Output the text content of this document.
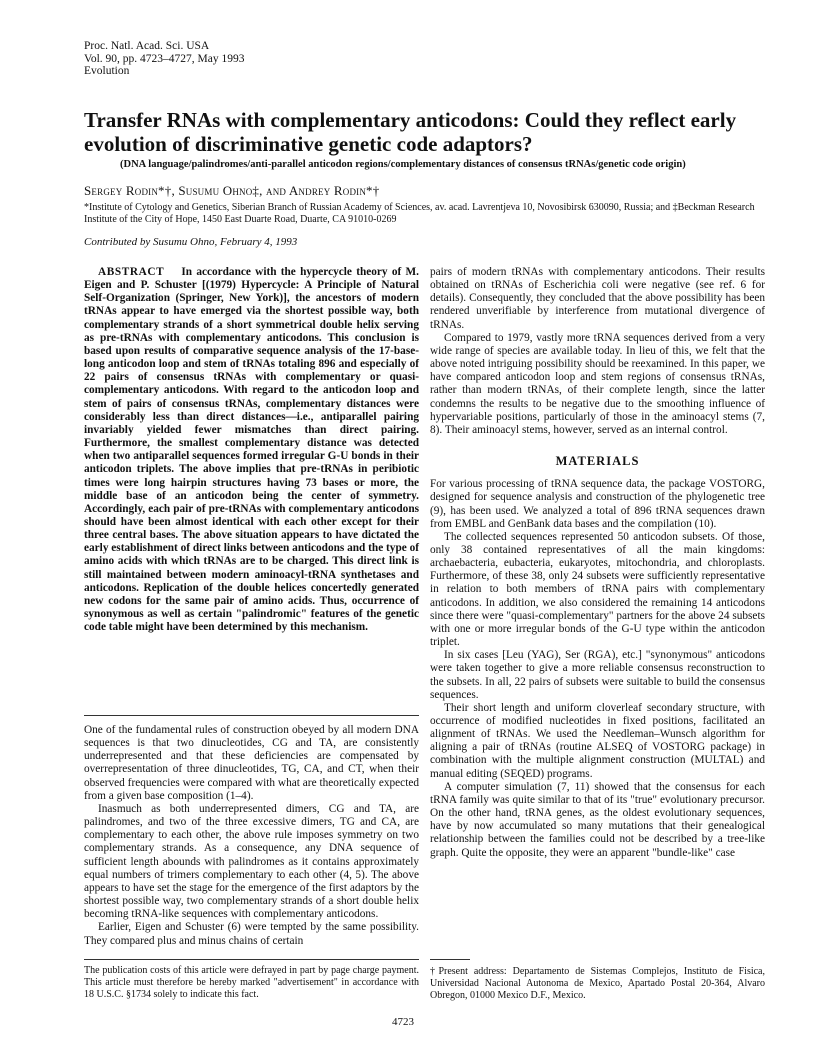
Proc. Natl. Acad. Sci. USA
Vol. 90, pp. 4723–4727, May 1993
Evolution
Transfer RNAs with complementary anticodons: Could they reflect early evolution of discriminative genetic code adaptors?
(DNA language/palindromes/anti-parallel anticodon regions/complementary distances of consensus tRNAs/genetic code origin)
Sergey Rodin*†, Susumu Ohno‡, and Andrey Rodin*†
*Institute of Cytology and Genetics, Siberian Branch of Russian Academy of Sciences, av. acad. Lavrentjeva 10, Novosibirsk 630090, Russia; and ‡Beckman Research Institute of the City of Hope, 1450 East Duarte Road, Duarte, CA 91010-0269
Contributed by Susumu Ohno, February 4, 1993

ABSTRACT In accordance with the hypercycle theory of M. Eigen and P. Schuster [(1979) Hypercycle: A Principle of Natural Self-Organization (Springer, New York)], the ancestors of modern tRNAs appear to have emerged via the shortest possible way, both complementary strands of a short symmetrical double helix serving as pre-tRNAs with complementary anticodons. This conclusion is based upon results of comparative sequence analysis of the 17-base-long anticodon loop and stem of tRNAs totaling 896 and especially of 22 pairs of consensus tRNAs with complementary or quasi-complementary anticodons. With regard to the anticodon loop and stem of pairs of consensus tRNAs, complementary distances were considerably less than direct distances—i.e., antiparallel pairing invariably yielded fewer mismatches than direct pairing. Furthermore, the smallest complementary distance was detected when two antiparallel sequences formed irregular G-U bonds in their anticodon triplets. The above implies that pre-tRNAs in peribiotic times were long hairpin structures having 73 bases or more, the middle base of an anticodon being the center of symmetry. Accordingly, each pair of pre-tRNAs with complementary anticodons should have been almost identical with each other except for their three central bases. The above situation appears to have dictated the early establishment of direct links between anticodons and the type of amino acids with which tRNAs are to be charged. This direct link is still maintained between modern aminoacyl-tRNA synthetases and anticodons. Replication of the double helices concertedly generated new codons for the same pair of amino acids. Thus, occurrence of synonymous as well as certain "palindromic" features of the genetic code table might have been determined by this mechanism.

One of the fundamental rules of construction obeyed by all modern DNA sequences is that two dinucleotides, CG and TA, are consistently underrepresented and that these deficiencies are compensated by overrepresentation of three dinucleotides, TG, CA, and CT, when their observed frequencies were compared with what are theoretically expected from a given base composition (1–4).

Inasmuch as both underrepresented dimers, CG and TA, are palindromes, and two of the three excessive dimers, TG and CA, are complementary to each other, the above rule imposes symmetry on two complementary strands. As a consequence, any DNA sequence of sufficient length abounds with palindromes as it contains approximately equal numbers of trimers complementary to each other (4, 5). The above appears to have set the stage for the emergence of the first adaptors by the shortest possible way, two complementary strands of a short double helix becoming tRNA-like sequences with complementary anticodons.

Earlier, Eigen and Schuster (6) were tempted by the same possibility. They compared plus and minus chains of certain

pairs of modern tRNAs with complementary anticodons. Their results obtained on tRNAs of Escherichia coli were negative (see ref. 6 for details). Consequently, they concluded that the above possibility has been rendered unverifiable by interference from mutational divergence of tRNAs.

Compared to 1979, vastly more tRNA sequences derived from a very wide range of species are available today. In lieu of this, we felt that the above noted intriguing possibility should be reexamined. In this paper, we have compared anticodon loop and stem regions of consensus tRNAs, rather than modern tRNAs, of their complete length, since the latter condemns the results to be negative due to the smoothing influence of hypervariable positions, particularly of those in the aminoacyl stems (7, 8). Their aminoacyl stems, however, served as an internal control.

MATERIALS

For various processing of tRNA sequence data, the package VOSTORG, designed for sequence analysis and construction of the phylogenetic tree (9), has been used. We analyzed a total of 896 tRNA sequences drawn from EMBL and GenBank data bases and the compilation (10).

The collected sequences represented 50 anticodon subsets. Of those, only 38 contained representatives of all the main kingdoms: archaebacteria, eubacteria, eukaryotes, mitochondria, and chloroplasts. Furthermore, of these 38, only 24 subsets were sufficiently representative in relation to both members of tRNA pairs with complementary anticodons. In addition, we also considered the remaining 14 anticodons since there were "quasi-complementary" partners for the above 24 subsets with one or more irregular bonds of the G-U type within the anticodon triplet.

In six cases [Leu (YAG), Ser (RGA), etc.] "synonymous" anticodons were taken together to give a more reliable consensus reconstruction to the subsets. In all, 22 pairs of subsets were suitable to build the consensus sequences.

Their short length and uniform cloverleaf secondary structure, with occurrence of modified nucleotides in fixed positions, facilitated an alignment of tRNAs. We used the Needleman–Wunsch algorithm for aligning a pair of tRNAs (routine ALSEQ of VOSTORG package) in combination with the multiple alignment construction (MULTAL) and manual editing (SEQED) programs.

A computer simulation (7, 11) showed that the consensus for each tRNA family was quite similar to that of its "true" evolutionary precursor. On the other hand, tRNA genes, as the oldest evolutionary sequences, have by now accumulated so many mutations that their genealogical relationship between the families could not be described by a tree-like graph. Quite the opposite, they were an apparent "bundle-like" case

The publication costs of this article were defrayed in part by page charge payment. This article must therefore be hereby marked "advertisement" in accordance with 18 U.S.C. §1734 solely to indicate this fact.
†Present address: Departamento de Sistemas Complejos, Instituto de Fisica, Universidad Nacional Autonoma de Mexico, Apartado Postal 20-364, Alvaro Obregon, 01000 Mexico D.F., Mexico.
4723
